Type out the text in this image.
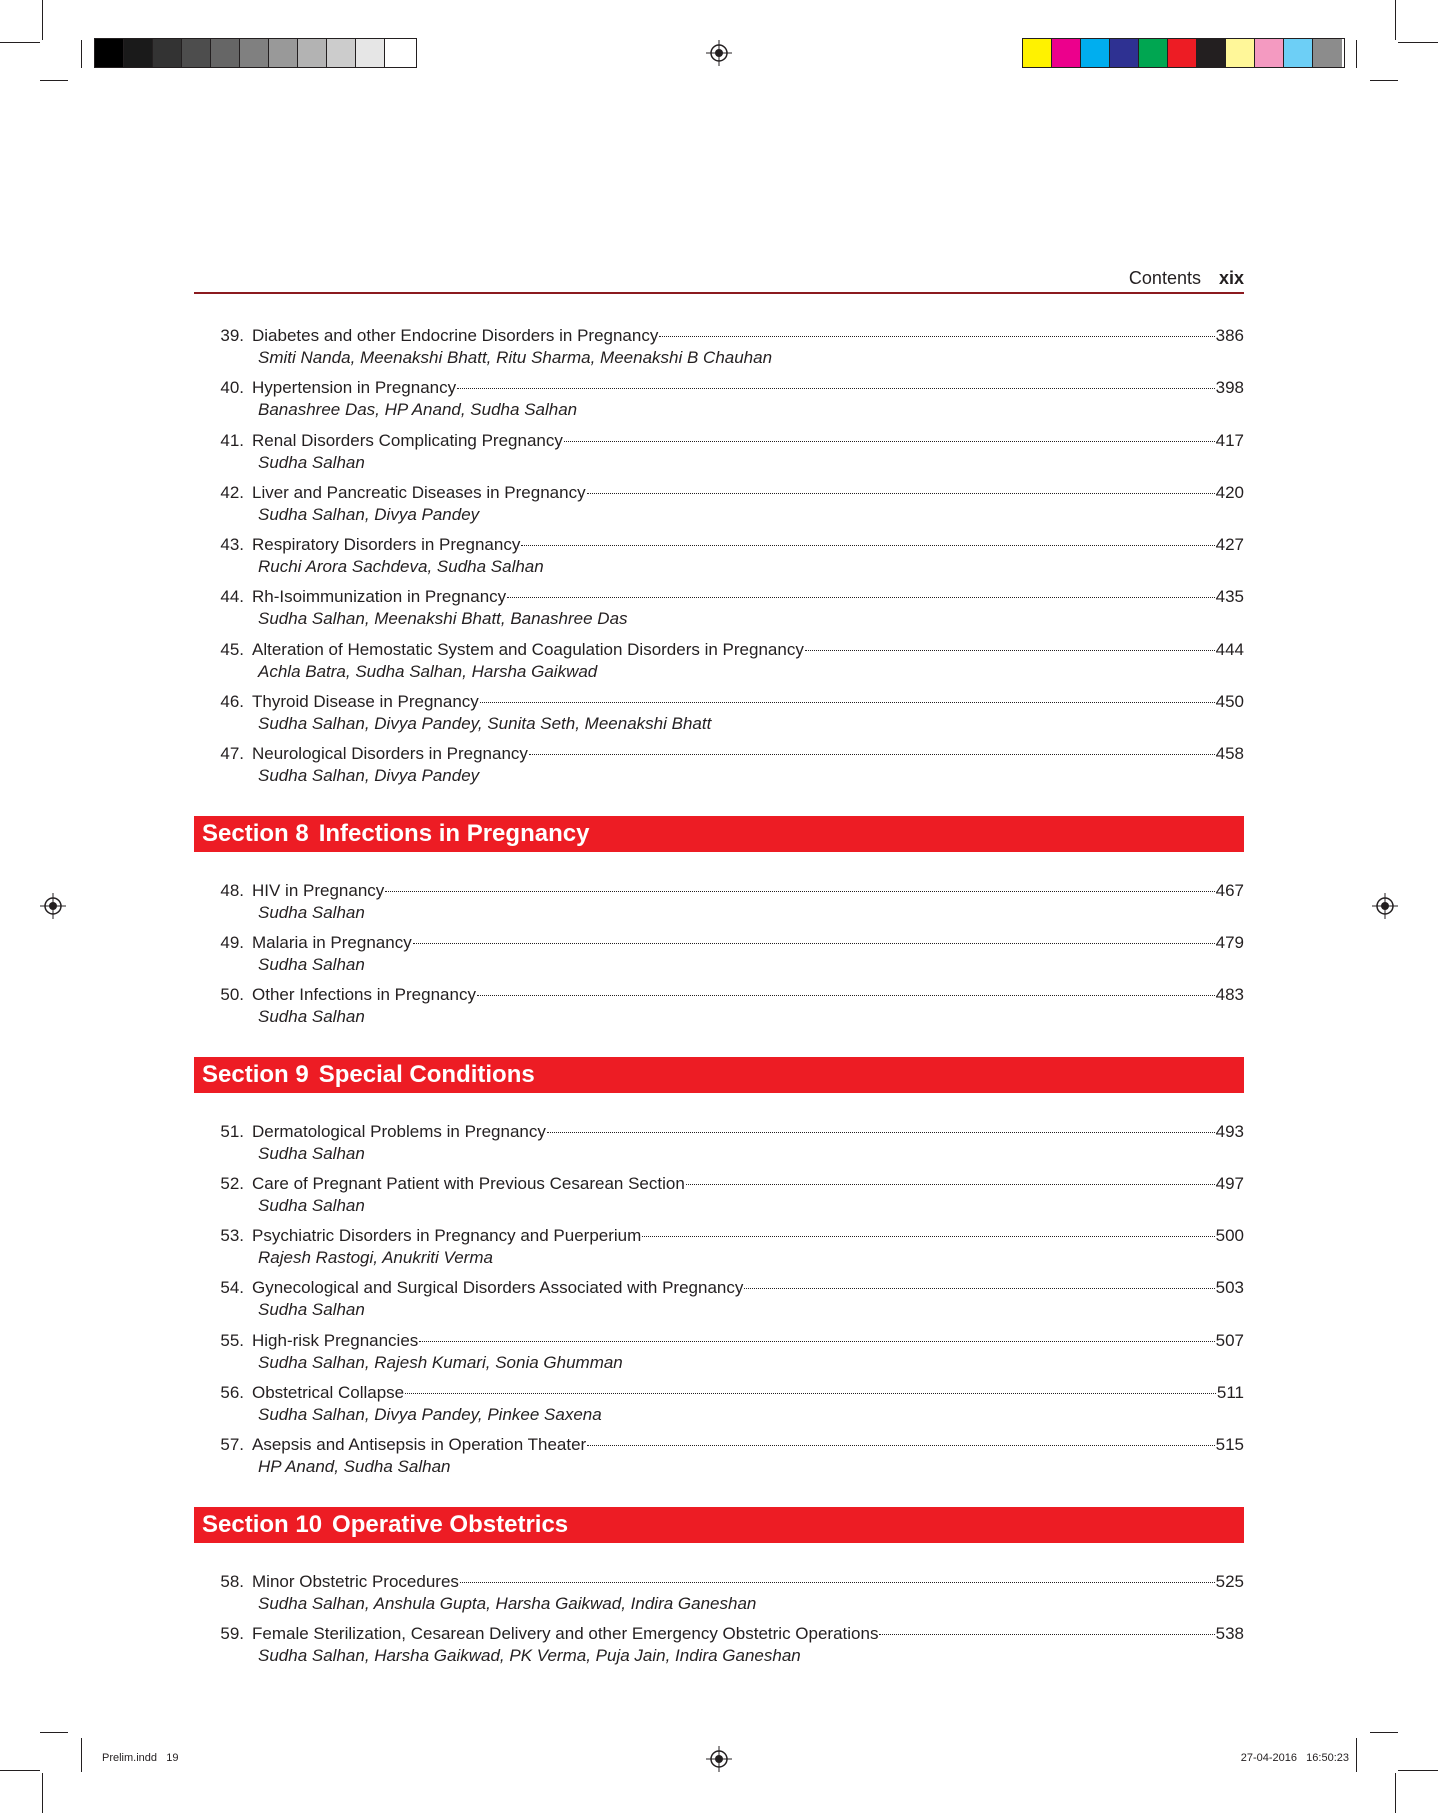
Contents xix
39. Diabetes and other Endocrine Disorders in Pregnancy	386
Smiti Nanda, Meenakshi Bhatt, Ritu Sharma, Meenakshi B Chauhan
40. Hypertension in Pregnancy	398
Banashree Das, HP Anand, Sudha Salhan
41. Renal Disorders Complicating Pregnancy	417
Sudha Salhan
42. Liver and Pancreatic Diseases in Pregnancy	420
Sudha Salhan, Divya Pandey
43. Respiratory Disorders in Pregnancy	427
Ruchi Arora Sachdeva, Sudha Salhan
44. Rh-Isoimmunization in Pregnancy	435
Sudha Salhan, Meenakshi Bhatt, Banashree Das
45. Alteration of Hemostatic System and Coagulation Disorders in Pregnancy	444
Achla Batra, Sudha Salhan, Harsha Gaikwad
46. Thyroid Disease in Pregnancy	450
Sudha Salhan, Divya Pandey, Sunita Seth, Meenakshi Bhatt
47. Neurological Disorders in Pregnancy	458
Sudha Salhan, Divya Pandey
Section 8 Infections in Pregnancy
48. HIV in Pregnancy	467
Sudha Salhan
49. Malaria in Pregnancy	479
Sudha Salhan
50. Other Infections in Pregnancy	483
Sudha Salhan
Section 9 Special Conditions
51. Dermatological Problems in Pregnancy	493
Sudha Salhan
52. Care of Pregnant Patient with Previous Cesarean Section	497
Sudha Salhan
53. Psychiatric Disorders in Pregnancy and Puerperium	500
Rajesh Rastogi, Anukriti Verma
54. Gynecological and Surgical Disorders Associated with Pregnancy	503
Sudha Salhan
55. High-risk Pregnancies	507
Sudha Salhan, Rajesh Kumari, Sonia Ghumman
56. Obstetrical Collapse	511
Sudha Salhan, Divya Pandey, Pinkee Saxena
57. Asepsis and Antisepsis in Operation Theater	515
HP Anand, Sudha Salhan
Section 10 Operative Obstetrics
58. Minor Obstetric Procedures	525
Sudha Salhan, Anshula Gupta, Harsha Gaikwad, Indira Ganeshan
59. Female Sterilization, Cesarean Delivery and other Emergency Obstetric Operations	538
Sudha Salhan, Harsha Gaikwad, PK Verma, Puja Jain, Indira Ganeshan
Prelim.indd 19	27-04-2016 16:50:23
